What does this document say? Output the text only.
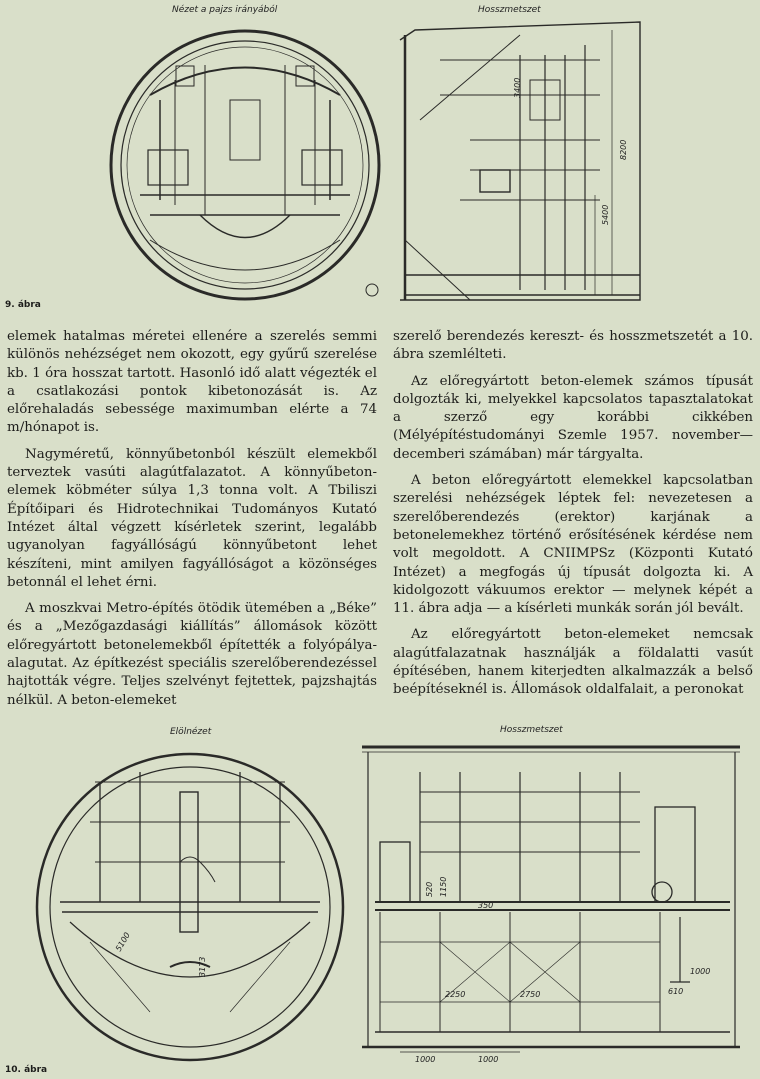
Nézet a pajzs irányából	Hosszmetszet
3400
8200
5400
9. ábra

elemek hatalmas méretei ellenére a szerelés semmi különös nehézséget nem okozott, egy gyűrű szerelése kb. 1 óra hosszat tartott. Hasonló idő alatt végezték el a csatlakozási pontok kibetonozását is. Az előrehaladás sebessége maximumban elérte a 74 m/hónapot is.

Nagyméretű, könnyűbetonból készült elemekből terveztek vasúti alagútfalazatot. A könnyűbeton-elemek köbméter súlya 1,3 tonna volt. A Tbiliszi Építőipari és Hidrotechnikai Tudományos Kutató Intézet által végzett kísérletek szerint, legalább ugyanolyan fagyállóságú könnyűbetont lehet készíteni, mint amilyen fagyállóságot a közönséges betonnál el lehet érni.

A moszkvai Metro-építés ötödik ütemében a „Béke” és a „Mezőgazdasági kiállítás” állomások között előregyártott betonelemekből építették a folyópálya-alagutat. Az építkezést speciális szerelőberendezéssel hajtották végre. Teljes szelvényt fejtettek, pajzshajtás nélkül. A beton-elemeket

szerelő berendezés kereszt- és hosszmetszetét a 10. ábra szemlélteti.

Az előregyártott beton-elemek számos típusát dolgozták ki, melyekkel kapcsolatos tapasztalatokat a szerző egy korábbi cikkében (Mélyépítéstudományi Szemle 1957. november—decemberi számában) már tárgyalta.

A beton előregyártott elemekkel kapcsolatban szerelési nehézségek léptek fel: nevezetesen a szerelőberendezés (erektor) karjának a betonelemekhez történő erősítésének kérdése nem volt megoldott. A CNIIMPSz (Központi Kutató Intézet) a megfogás új típusát dolgozta ki. A kidolgozott vákuumos erektor — melynek képét a 11. ábra adja — a kísérleti munkák során jól bevált.

Az előregyártott beton-elemeket nemcsak alagútfalazatnak használják a földalatti vasút építésében, hanem kiterjedten alkalmazzák a belső beépítéseknél is. Állomások oldalfalait, a peronokat

Elölnézet	Hosszmetszet
5100
3173
520 1150
350
2250	2750
1000	1000
1000
610
10. ábra
